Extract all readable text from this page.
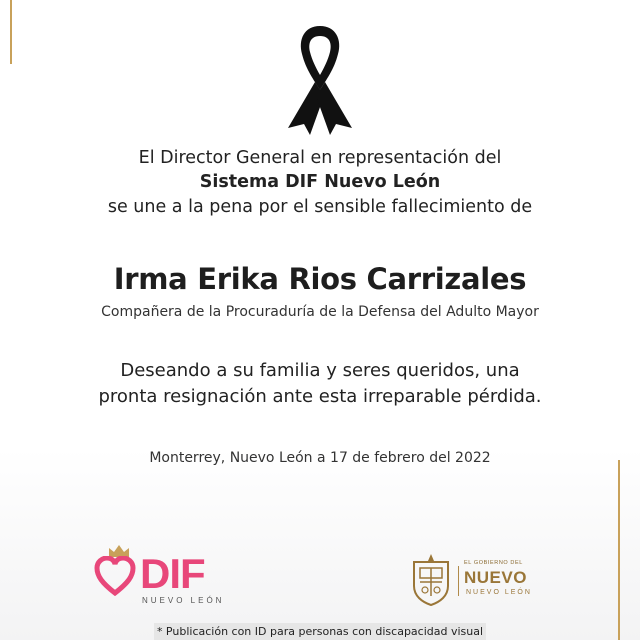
El Director General en representación del
Sistema DIF Nuevo León
se une a la pena por el sensible fallecimiento de
Irma Erika Rios Carrizales
Compañera de la Procuraduría de la Defensa del Adulto Mayor
Deseando a su familia y seres queridos, una
pronta resignación ante esta irreparable pérdida.
Monterrey, Nuevo León a 17 de febrero del 2022
DIF
NUEVO LEÓN
EL GOBIERNO DEL
NUEVO
NUEVO LEÓN
* Publicación con ID para personas con discapacidad visual
